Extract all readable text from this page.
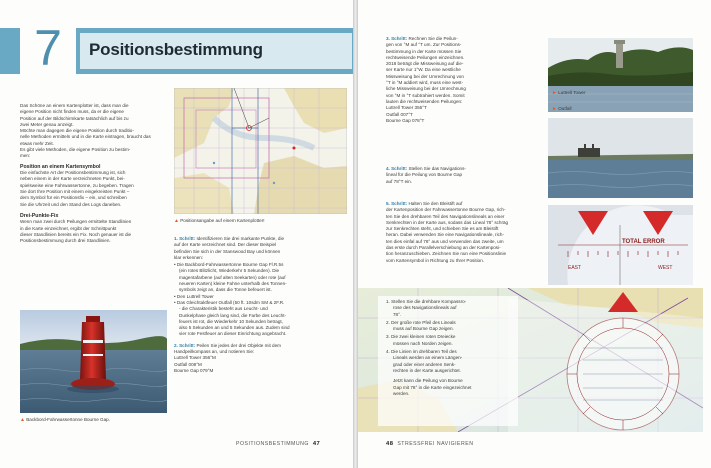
7	Positionsbestimmung
Das Schöne an einem Kartenplotter ist, dass man die
eigene Position nicht finden muss, da er die eigene
Position auf der Bildschirmkarte tatsächlich auf bis zu
zwei Meter genau anzeigt.
Möchte man dagegen die eigene Position durch traditio-
nelle Methoden ermitteln und in die Karte eintragen, braucht das
etwas mehr Zeit.
Es gibt viele Methoden, die eigene Position zu bestim-
men:
Position an einem Kartensymbol
Die einfachste Art der Positionsbestimmung ist, sich
neben einem in der Karte verzeichneten Punkt, bei-
spielsweise eine Fahrwassertonne, zu begeben. Tragen
Sie dort Ihre Position mit einem eingekreisten Punkt –
dem Symbol für ein Positionsfix – ein, und schreiben
Sie die Uhrzeit und den Stand des Logs daneben.
Drei-Punkte-Fix
Wenn man zwei durch Peilungen ermittelte Standlinien
in die Karte einzeichnet, ergibt der Schnittpunkt
dieser Standlinien bereits ein Fix. Noch genauer ist die
Positionsbestimmung durch drei Standlinien.
▲ Backbord-Fahrwassertonne Bourne Gap.
▲ Positionsangabe auf einem Kartenplotter!
1. Schritt: Identifizieren Sie drei markante Punkte, die
auf der Karte verzeichnet sind. Der dieser Beispiel
befinden Sie sich in der Stanswood Bay und können
klar erkennen:
• Die Backbord-Fahrwassertonne Bourne Gap Fl.R.5s
(ein rotes Blitzlicht, Wiederkehr 5 Sekunden). Die
magentafarbene (auf alten Seekarten) oder rote (auf
neueren Karten) kleine Fahne unterhalb des Tonnen-
symbols zeigt an, dass die Tonne befeuert ist.
• Den Luttrell Tower
• Das Gleichtaktfeuer Outfall (50 ft. 10sdm SM & 2F.R.
- die Charakteristik besteht aus Leucht- und
Dunkelphase gleich lang sind, die Farbe des Leucht-
feuers ist rot, die Wiederkehr 10 Sekunden betragt,
also 5 Sekunden an und 5 Sekunden aus. Zudem sind
vier rote Festfeuer an dieser Einrichtung angebracht.
2. Schritt: Peilen Sie jedes der drei Objekte mit dem
Handpeilkompass an, und notieren Sie:
Luttrell Tower 356°M
Outfall 008°M
Bourne Gap 079°M
POSITIONSBESTIMMUNG 47
3. Schritt: Rechnen Sie die Peilun-
gen von °M auf °T um. Zur Positions-
bestimmung in der Karte müssen Sie
rechtweisende Peilungen einzeichnen.
2018 beträgt die Missweisung auf die-
ser Karte nur 1°W. Da eine westliche
Missweisung bei der Umrechnung von
°T in °M addiert wird, muss eine west-
liche Missweisung bei der Umrechnung
von °M in °T subtrahiert werden. Somit
lauten die rechtweisenden Peilungen:
Luttrell Tower 355°T
Outfall 007°T
Bourne Gap 078°T
► Luttrell Tower
► Outfall
4. Schritt: Stellen Sie das Navigations-
lineal für die Peilung von Bourne Gap
auf 78°T ein.
5. Schritt: Halten Sie den Bleistift auf
der Kartenposition der Fahrwassertonne Bourne Gap, rich-
ten Sie den drehbaren Teil des Navigationslineals an einer
Senkrechten in der Karte aus, sodass das Lineal 78° schräg
zur Senkrechten steht, und schieben Sie es am Bleistift
heran. Dabei verwenden Sie eine Navigationslineale, rich-
ten dies einfal auf 78° aus und verwenden das zweite, um
das erste durch Parallelverschiebung an der Kartenposi-
tion heranzuschieben. Zeichnen Sie nun eine Positionslinie
vom Kartensymbol in Richtung zu Ihrer Position.
TOTAL ERROR
WEST
EAST
1. Stellen Sie die drehbare Kompassro-
rose des Navigationslineals auf
78°.
2. Der große rote Pfeil des Lineals
muss auf Bourne Gap zeigen.
3. Die zwei kleinen roten Dreiecke
müssen nach Norden zeigen.
4. Die Linien im drehbaren Teil des
Lineals werden an einem Längen-
grad oder einer anderen Senk-
rechten in der Karte ausgerichtet.
Jetzt kann die Peilung von Bourne
Gap mit 78° in die Karte eingezeichnet
werden.
48 STRESSFREI NAVIGIEREN
